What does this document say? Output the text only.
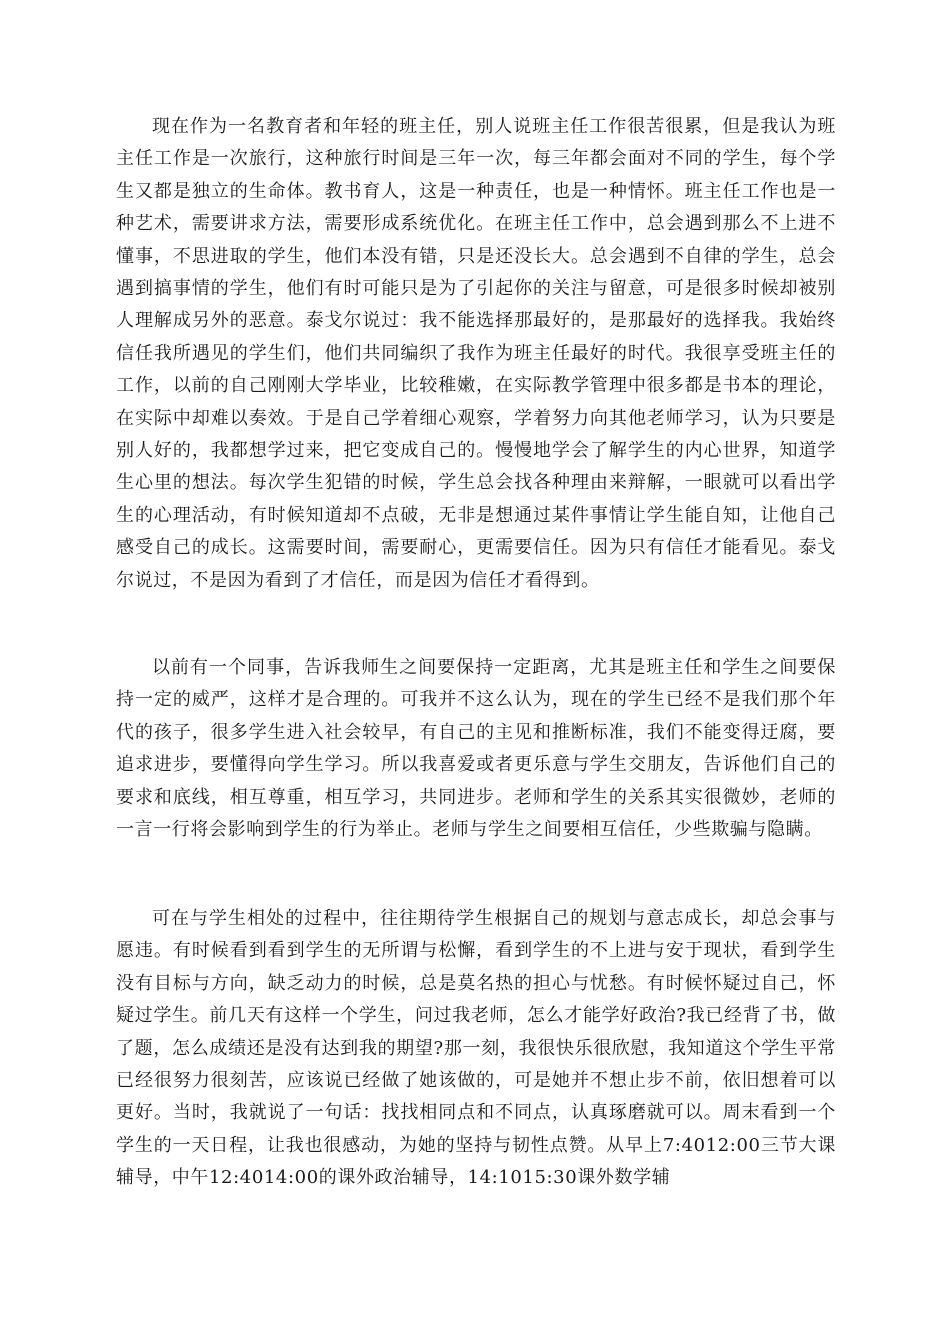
现在作为一名教育者和年轻的班主任，别人说班主任工作很苦很累，但是我认为班主任工作是一次旅行，这种旅行时间是三年一次，每三年都会面对不同的学生，每个学生又都是独立的生命体。教书育人，这是一种责任，也是一种情怀。班主任工作也是一种艺术，需要讲求方法，需要形成系统优化。在班主任工作中，总会遇到那么不上进不懂事，不思进取的学生，他们本没有错，只是还没长大。总会遇到不自律的学生，总会遇到搞事情的学生，他们有时可能只是为了引起你的关注与留意，可是很多时候却被别人理解成另外的恶意。泰戈尔说过：我不能选择那最好的，是那最好的选择我。我始终信任我所遇见的学生们，他们共同编织了我作为班主任最好的时代。我很享受班主任的工作，以前的自己刚刚大学毕业，比较稚嫩，在实际教学管理中很多都是书本的理论，在实际中却难以奏效。于是自己学着细心观察，学着努力向其他老师学习，认为只要是别人好的，我都想学过来，把它变成自己的。慢慢地学会了解学生的内心世界，知道学生心里的想法。每次学生犯错的时候，学生总会找各种理由来辩解，一眼就可以看出学生的心理活动，有时候知道却不点破，无非是想通过某件事情让学生能自知，让他自己感受自己的成长。这需要时间，需要耐心，更需要信任。因为只有信任才能看见。泰戈尔说过，不是因为看到了才信任，而是因为信任才看得到。

以前有一个同事，告诉我师生之间要保持一定距离，尤其是班主任和学生之间要保持一定的威严，这样才是合理的。可我并不这么认为，现在的学生已经不是我们那个年代的孩子，很多学生进入社会较早，有自己的主见和推断标准，我们不能变得迂腐，要追求进步，要懂得向学生学习。所以我喜爱或者更乐意与学生交朋友，告诉他们自己的要求和底线，相互尊重，相互学习，共同进步。老师和学生的关系其实很微妙，老师的一言一行将会影响到学生的行为举止。老师与学生之间要相互信任，少些欺骗与隐瞒。

可在与学生相处的过程中，往往期待学生根据自己的规划与意志成长，却总会事与愿违。有时候看到看到学生的无所谓与松懈，看到学生的不上进与安于现状，看到学生没有目标与方向，缺乏动力的时候，总是莫名热的担心与忧愁。有时候怀疑过自己，怀疑过学生。前几天有这样一个学生，问过我老师，怎么才能学好政治?我已经背了书，做了题，怎么成绩还是没有达到我的期望?那一刻，我很快乐很欣慰，我知道这个学生平常已经很努力很刻苦，应该说已经做了她该做的，可是她并不想止步不前，依旧想着可以更好。当时，我就说了一句话：找找相同点和不同点，认真琢磨就可以。周末看到一个学生的一天日程，让我也很感动，为她的坚持与韧性点赞。从早上7:4012:00三节大课辅导，中午12:4014:00的课外政治辅导，14:1015:30课外数学辅
